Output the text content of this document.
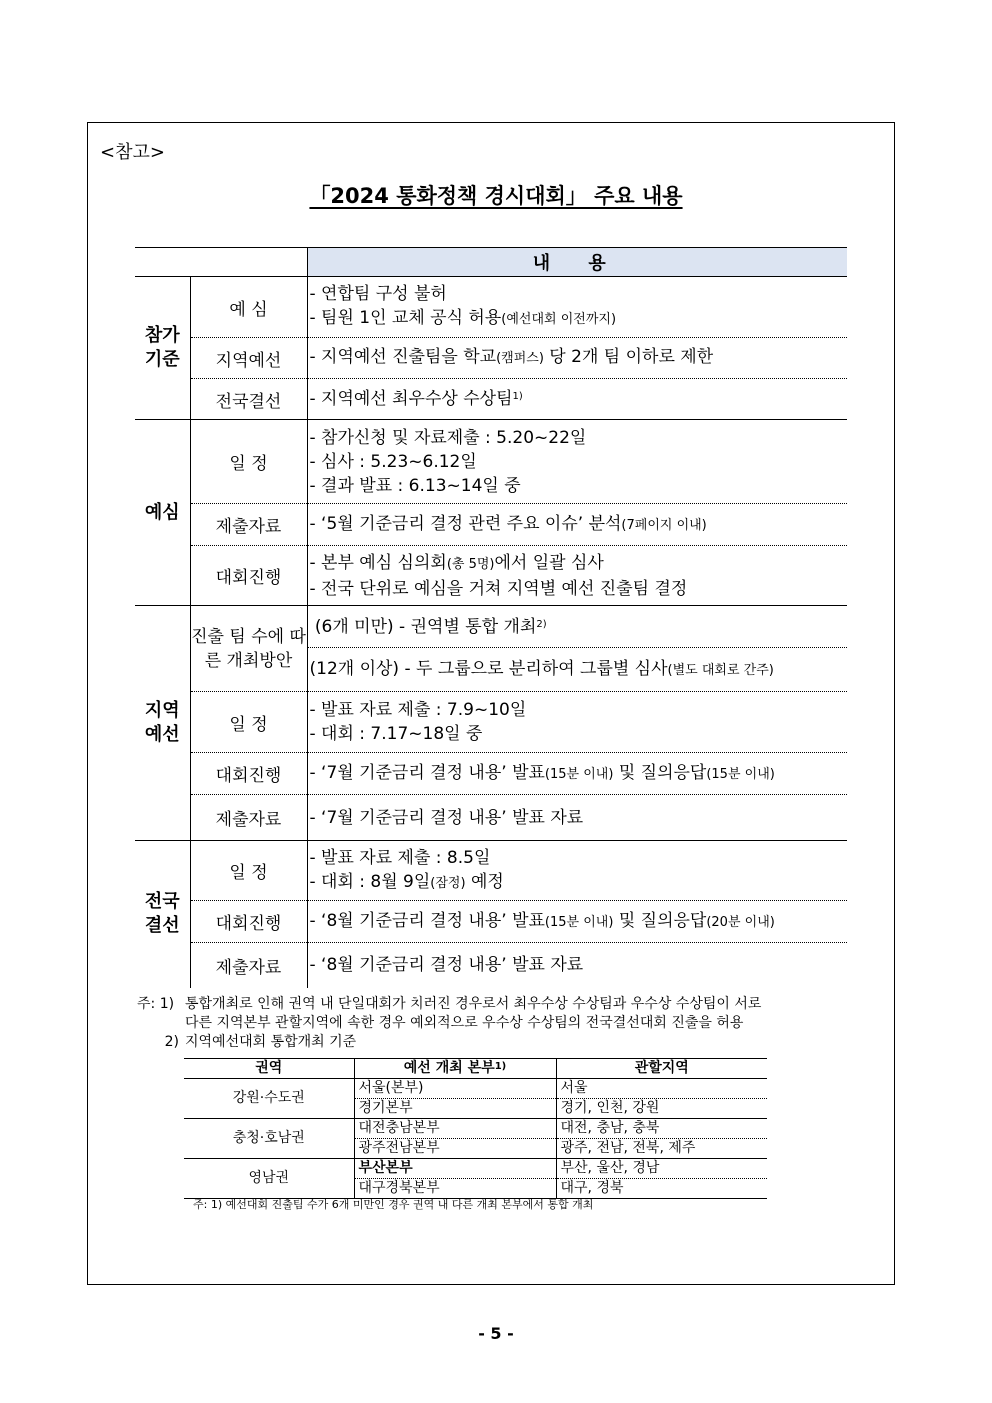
<참고>
「2024 통화정책 경시대회」 주요 내용
		내 용
참가 기준	예 심	- 연합팀 구성 불허
- 팀원 1인 교체 공식 허용(예선대회 이전까지)

	지역예선	- 지역예선 진출팀을 학교(캠퍼스) 당 2개 팀 이하로 제한
	전국결선	- 지역예선 최우수상 수상팀$^{1)}$
예심	일 정	- 참가신청 및 자료제출 : 5.20~22일
- 심사 : 5.23~6.12일
- 결과 발표 : 6.13~14일 중

	제출자료	- ‘5월 기준금리 결정 관련 주요 이슈’ 분석(7페이지 이내)
	대회진행	- 본부 예심 심의회(총 5명)에서 일괄 심사
- 전국 단위로 예심을 거쳐 지역별 예선 진출팀 결정

지역 예선	진출 팀 수에 따른 개최방안	(6개 미만) - 권역별 통합 개최$^{2)}$
		(12개 이상) - 두 그룹으로 분리하여 그룹별 심사(별도 대회로 간주)
	일 정	- 발표 자료 제출 : 7.9~10일
- 대회 : 7.17~18일 중

	대회진행	- ‘7월 기준금리 결정 내용’ 발표(15분 이내) 및 질의응답(15분 이내)
	제출자료	- ‘7월 기준금리 결정 내용’ 발표 자료
전국 결선	일 정	- 발표 자료 제출 : 8.5일
- 대회 : 8월 9일(잠정) 예정

	대회진행	- ‘8월 기준금리 결정 내용’ 발표(15분 이내) 및 질의응답(20분 이내)
	제출자료	- ‘8월 기준금리 결정 내용’ 발표 자료
주: 1) 통합개최로 인해 권역 내 단일대회가 치러진 경우로서 최우수상 수상팀과 우수상 수상팀이 서로
다른 지역본부 관할지역에 속한 경우 예외적으로 우수상 수상팀의 전국결선대회 진출을 허용
2) 지역예선대회 통합개최 기준
권역	예선 개최 본부$^{1)}$	관할지역
강원·수도권	서울(본부)	서울
	경기본부	경기, 인천, 강원
충청·호남권	대전충남본부	대전, 충남, 충북
	광주전남본부	광주, 전남, 전북, 제주
영남권	부산본부	부산, 울산, 경남
	대구경북본부	대구, 경북
주: 1) 예선대회 진출팀 수가 6개 미만인 경우 권역 내 다른 개최 본부에서 통합 개최
- 5 -
